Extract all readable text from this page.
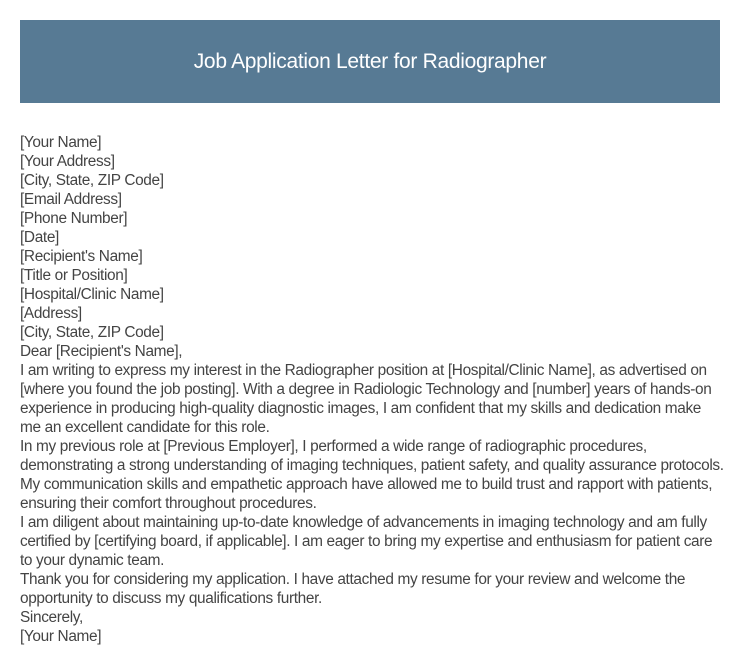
Job Application Letter for Radiographer

[Your Name]

[Your Address]

[City, State, ZIP Code]

[Email Address]

[Phone Number]

[Date]

[Recipient's Name]

[Title or Position]

[Hospital/Clinic Name]

[Address]

[City, State, ZIP Code]

Dear [Recipient's Name],

I am writing to express my interest in the Radiographer position at [Hospital/Clinic Name], as advertised on [where you found the job posting]. With a degree in Radiologic Technology and [number] years of hands-on experience in producing high-quality diagnostic images, I am confident that my skills and dedication make me an excellent candidate for this role.

In my previous role at [Previous Employer], I performed a wide range of radiographic procedures, demonstrating a strong understanding of imaging techniques, patient safety, and quality assurance protocols. My communication skills and empathetic approach have allowed me to build trust and rapport with patients, ensuring their comfort throughout procedures.

I am diligent about maintaining up-to-date knowledge of advancements in imaging technology and am fully certified by [certifying board, if applicable]. I am eager to bring my expertise and enthusiasm for patient care to your dynamic team.

Thank you for considering my application. I have attached my resume for your review and welcome the opportunity to discuss my qualifications further.

Sincerely,

[Your Name]
